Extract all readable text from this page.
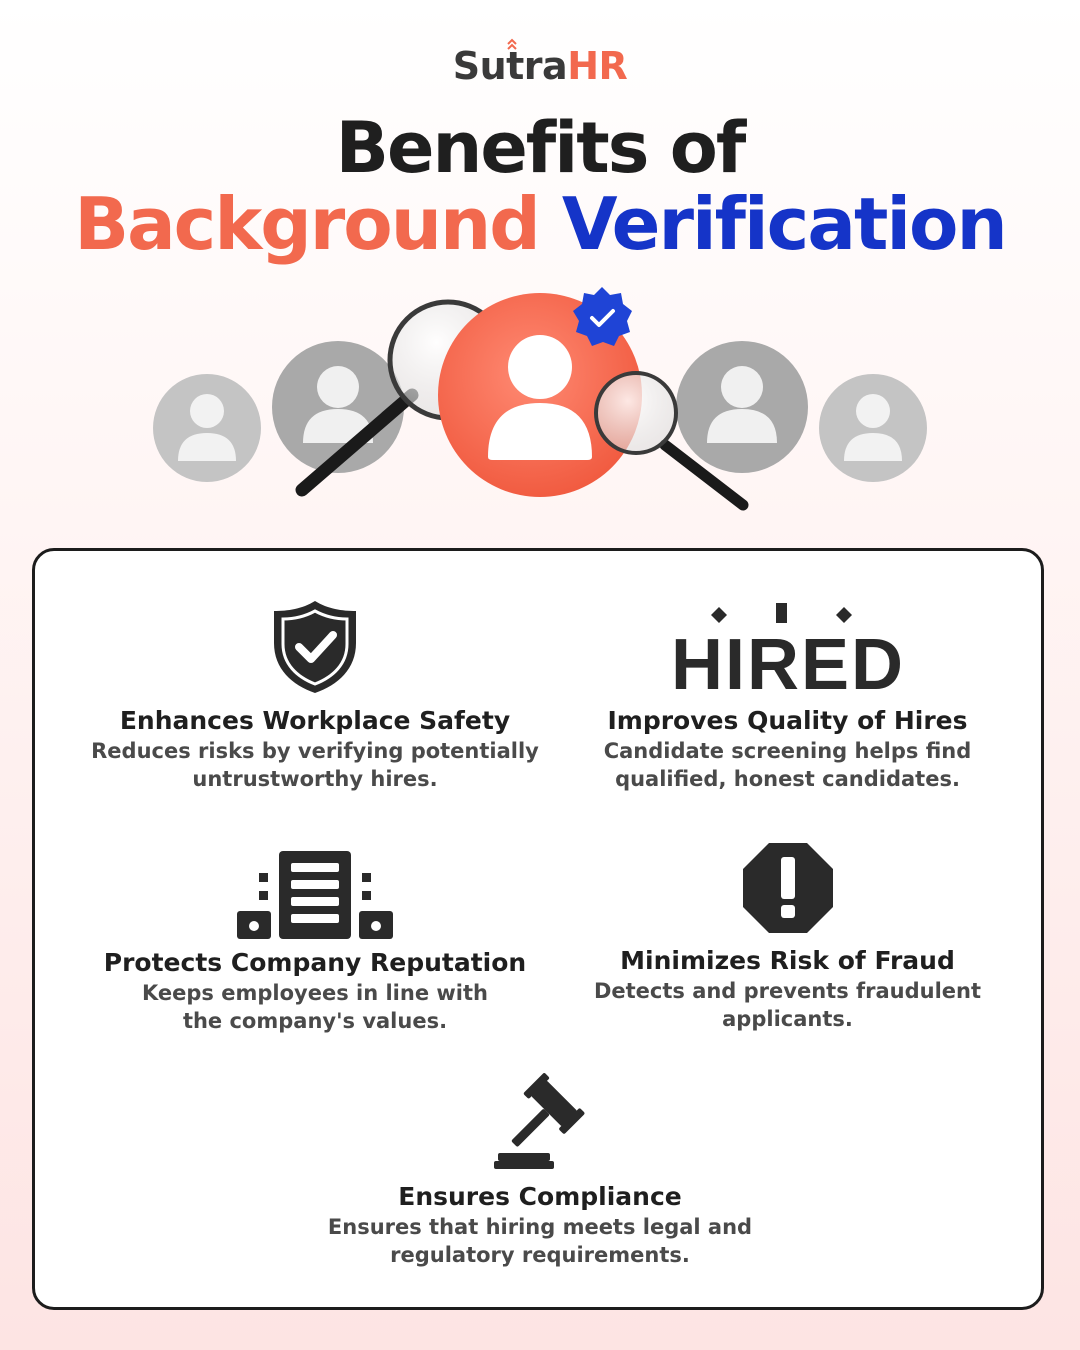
SutraHR
Benefits of
Background Verification
Enhances Workplace Safety

Reduces risks by verifying potentially

untrustworthy hires.

HIRED
Improves Quality of Hires

Candidate screening helps find

qualified, honest candidates.

Protects Company Reputation

Keeps employees in line with

the company's values.

Minimizes Risk of Fraud

Detects and prevents fraudulent

applicants.

Ensures Compliance

Ensures that hiring meets legal and

regulatory requirements.
